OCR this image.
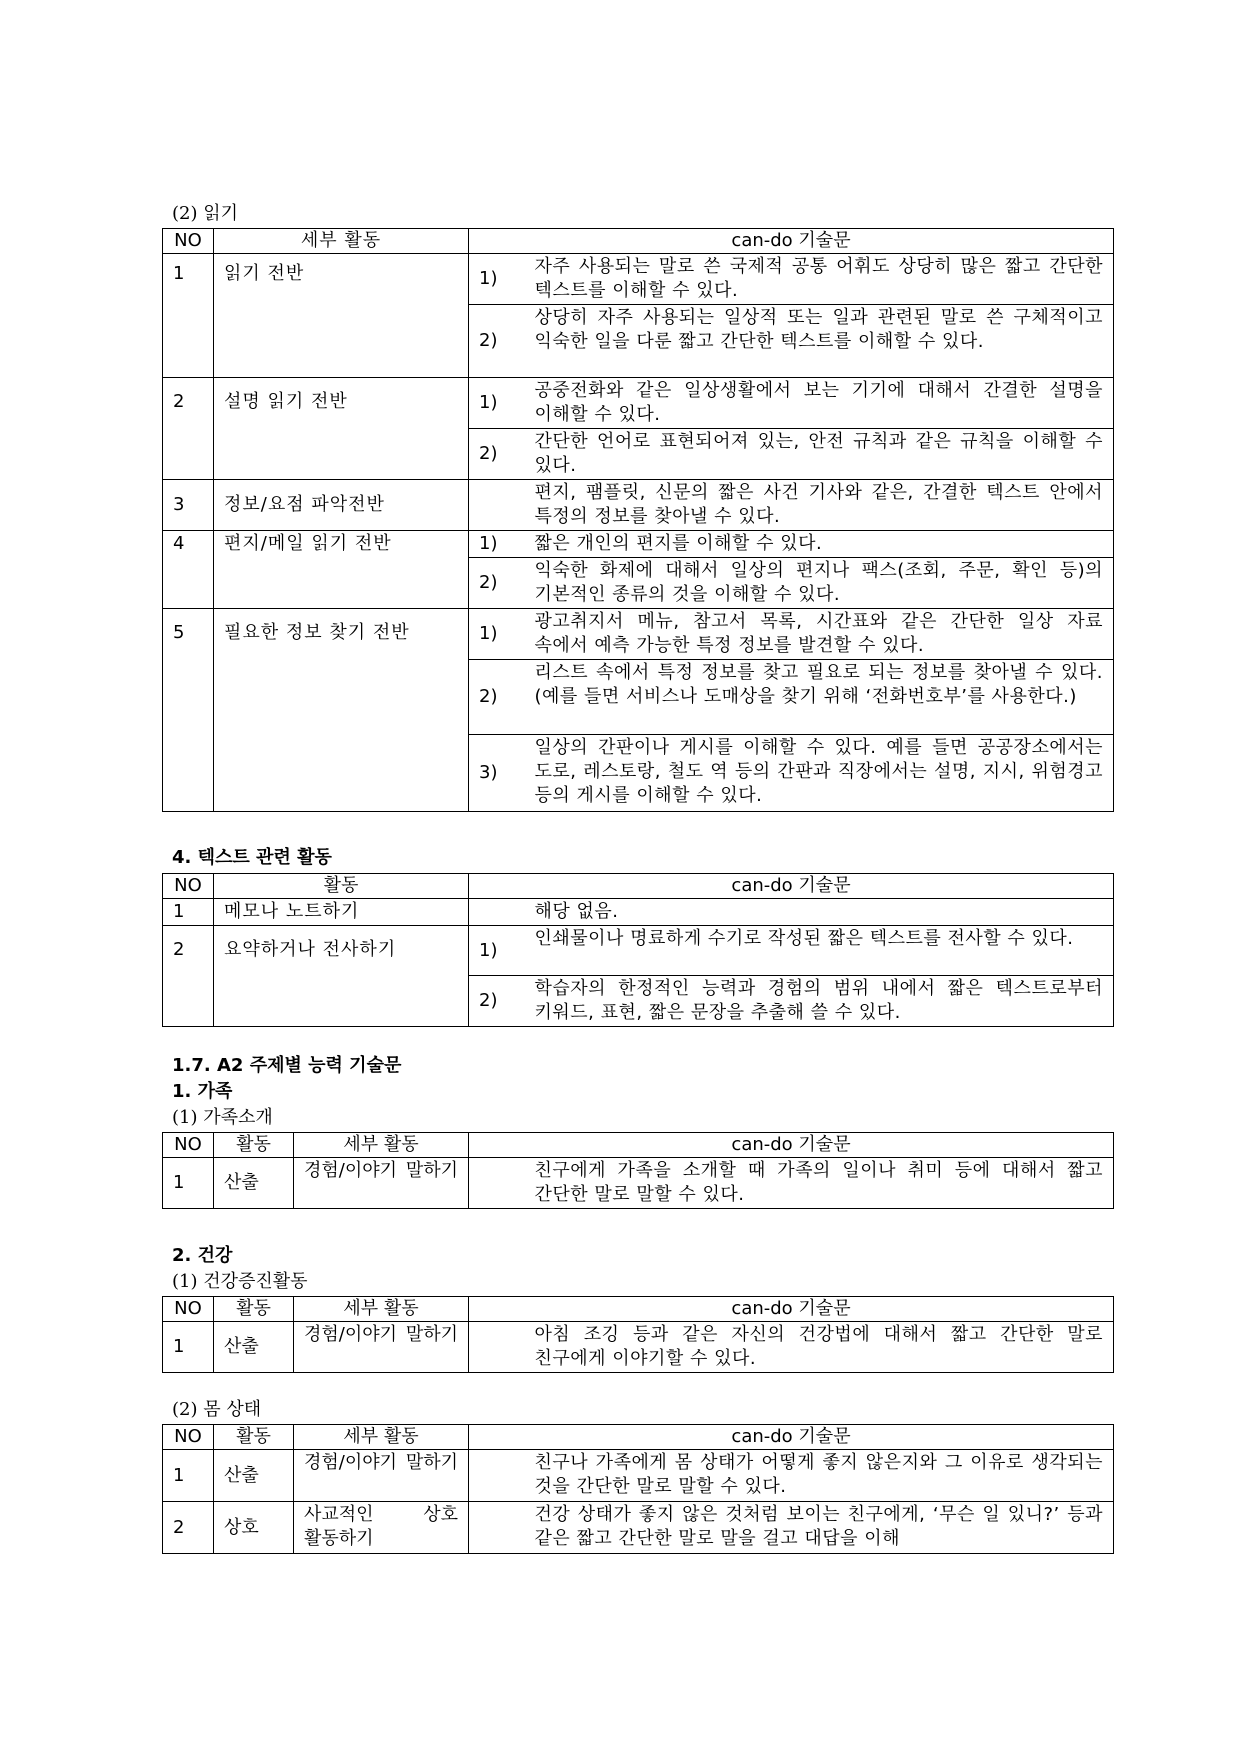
(2) 읽기
NO	세부 활동	can-do 기술문	
1	읽기 전반	1)	자주 사용되는 말로 쓴 국제적 공통 어휘도 상당히 많은 짧고 간단한 텍스트를 이해할 수 있다.
		2)	상당히 자주 사용되는 일상적 또는 일과 관련된 말로 쓴 구체적이고 익숙한 일을 다룬 짧고 간단한 텍스트를 이해할 수 있다.
2	설명 읽기 전반	1)	공중전화와 같은 일상생활에서 보는 기기에 대해서 간결한 설명을 이해할 수 있다.
		2)	간단한 언어로 표현되어져 있는, 안전 규칙과 같은 규칙을 이해할 수 있다.
3	정보/요점 파악전반		편지, 팸플릿, 신문의 짧은 사건 기사와 같은, 간결한 텍스트 안에서 특정의 정보를 찾아낼 수 있다.
4	편지/메일 읽기 전반	1)	짧은 개인의 편지를 이해할 수 있다.
		2)	익숙한 화제에 대해서 일상의 편지나 팩스(조회, 주문, 확인 등)의 기본적인 종류의 것을 이해할 수 있다.
5	필요한 정보 찾기 전반	1)	광고취지서 메뉴, 참고서 목록, 시간표와 같은 간단한 일상 자료 속에서 예측 가능한 특정 정보를 발견할 수 있다.
		2)	리스트 속에서 특정 정보를 찾고 필요로 되는 정보를 찾아낼 수 있다.(예를 들면 서비스나 도매상을 찾기 위해 ‘전화번호부’를 사용한다.)
		3)	일상의 간판이나 게시를 이해할 수 있다. 예를 들면 공공장소에서는 도로, 레스토랑, 철도 역 등의 간판과 직장에서는 설명, 지시, 위험경고 등의 게시를 이해할 수 있다.
4. 텍스트 관련 활동
NO	활동	can-do 기술문	
1	메모나 노트하기		해당 없음.
2	요약하거나 전사하기	1)	인쇄물이나 명료하게 수기로 작성된 짧은 텍스트를 전사할 수 있다.
		2)	학습자의 한정적인 능력과 경험의 범위 내에서 짧은 텍스트로부터 키워드, 표현, 짧은 문장을 추출해 쓸 수 있다.
1.7. A2 주제별 능력 기술문
1. 가족
(1) 가족소개
NO	활동	세부 활동	can-do 기술문	
1	산출	경험/이야기 말하기		친구에게 가족을 소개할 때 가족의 일이나 취미 등에 대해서 짧고 간단한 말로 말할 수 있다.
2. 건강
(1) 건강증진활동
NO	활동	세부 활동	can-do 기술문	
1	산출	경험/이야기 말하기		아침 조깅 등과 같은 자신의 건강법에 대해서 짧고 간단한 말로 친구에게 이야기할 수 있다.
(2) 몸 상태
NO	활동	세부 활동	can-do 기술문	
1	산출	경험/이야기 말하기		친구나 가족에게 몸 상태가 어떻게 좋지 않은지와 그 이유로 생각되는 것을 간단한 말로 말할 수 있다.
2	상호	사교적인 상호 활동하기		건강 상태가 좋지 않은 것처럼 보이는 친구에게, ‘무슨 일 있니?’ 등과 같은 짧고 간단한 말로 말을 걸고 대답을 이해
